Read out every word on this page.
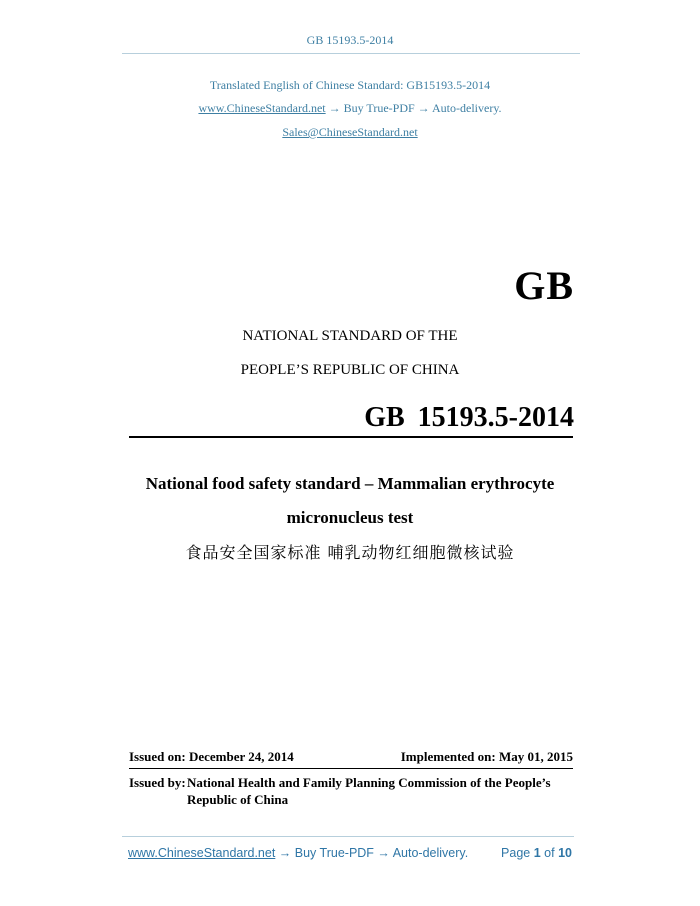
GB 15193.5-2014
Translated English of Chinese Standard: GB15193.5-2014
www.ChineseStandard.net → Buy True-PDF → Auto-delivery.
Sales@ChineseStandard.net
GB
NATIONAL STANDARD OF THE
PEOPLE’S REPUBLIC OF CHINA
GB 15193.5-2014
National food safety standard – Mammalian erythrocyte
micronucleus test
食品安全国家标准 哺乳动物红细胞微核试验
Issued on: December 24, 2014	Implemented on: May 01, 2015
Issued by: National Health and Family Planning Commission of the People’s
Republic of China
www.ChineseStandard.net → Buy True-PDF → Auto-delivery.	Page 1 of 10
